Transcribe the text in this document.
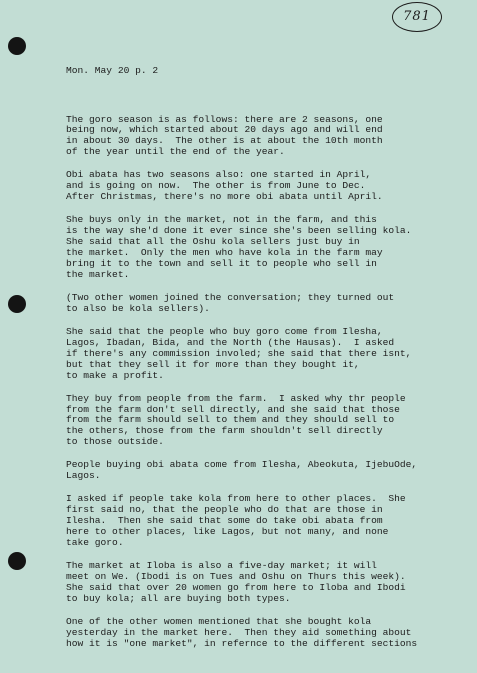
781

Mon. May 20 p. 2

The goro season is as follows: there are 2 seasons, one
being now, which started about 20 days ago and will end
in about 30 days.  The other is at about the 10th month
of the year until the end of the year.
Obi abata has two seasons also: one started in April,
and is going on now.  The other is from June to Dec.
After Christmas, there's no more obi abata until April.
She buys only in the market, not in the farm, and this
is the way she'd done it ever since she's been selling kola.
She said that all the Oshu kola sellers just buy in
the market.  Only the men who have kola in the farm may
bring it to the town and sell it to people who sell in
the market.
(Two other women joined the conversation; they turned out
to also be kola sellers).
She said that the people who buy goro come from Ilesha,
Lagos, Ibadan, Bida, and the North (the Hausas).  I asked
if there's any commission involed; she said that there isnt,
but that they sell it for more than they bought it,
to make a profit.
They buy from people from the farm.  I asked why thr people
from the farm don't sell directly, and she said that those
from the farm should sell to them and they should sell to
the others, those from the farm shouldn't sell directly
to those outside.
People buying obi abata come from Ilesha, Abeokuta, IjebuOde,
Lagos.
I asked if people take kola from here to other places.  She
first said no, that the people who do that are those in
Ilesha.  Then she said that some do take obi abata from
here to other places, like Lagos, but not many, and none
take goro.
The market at Iloba is also a five-day market; it will
meet on We. (Ibodi is on Tues and Oshu on Thurs this week).
She said that over 20 women go from here to Iloba and Ibodi
to buy kola; all are buying both types.
One of the other women mentioned that she bought kola
yesterday in the market here.  Then they aid something about
how it is "one market", in refernce to the different sections
